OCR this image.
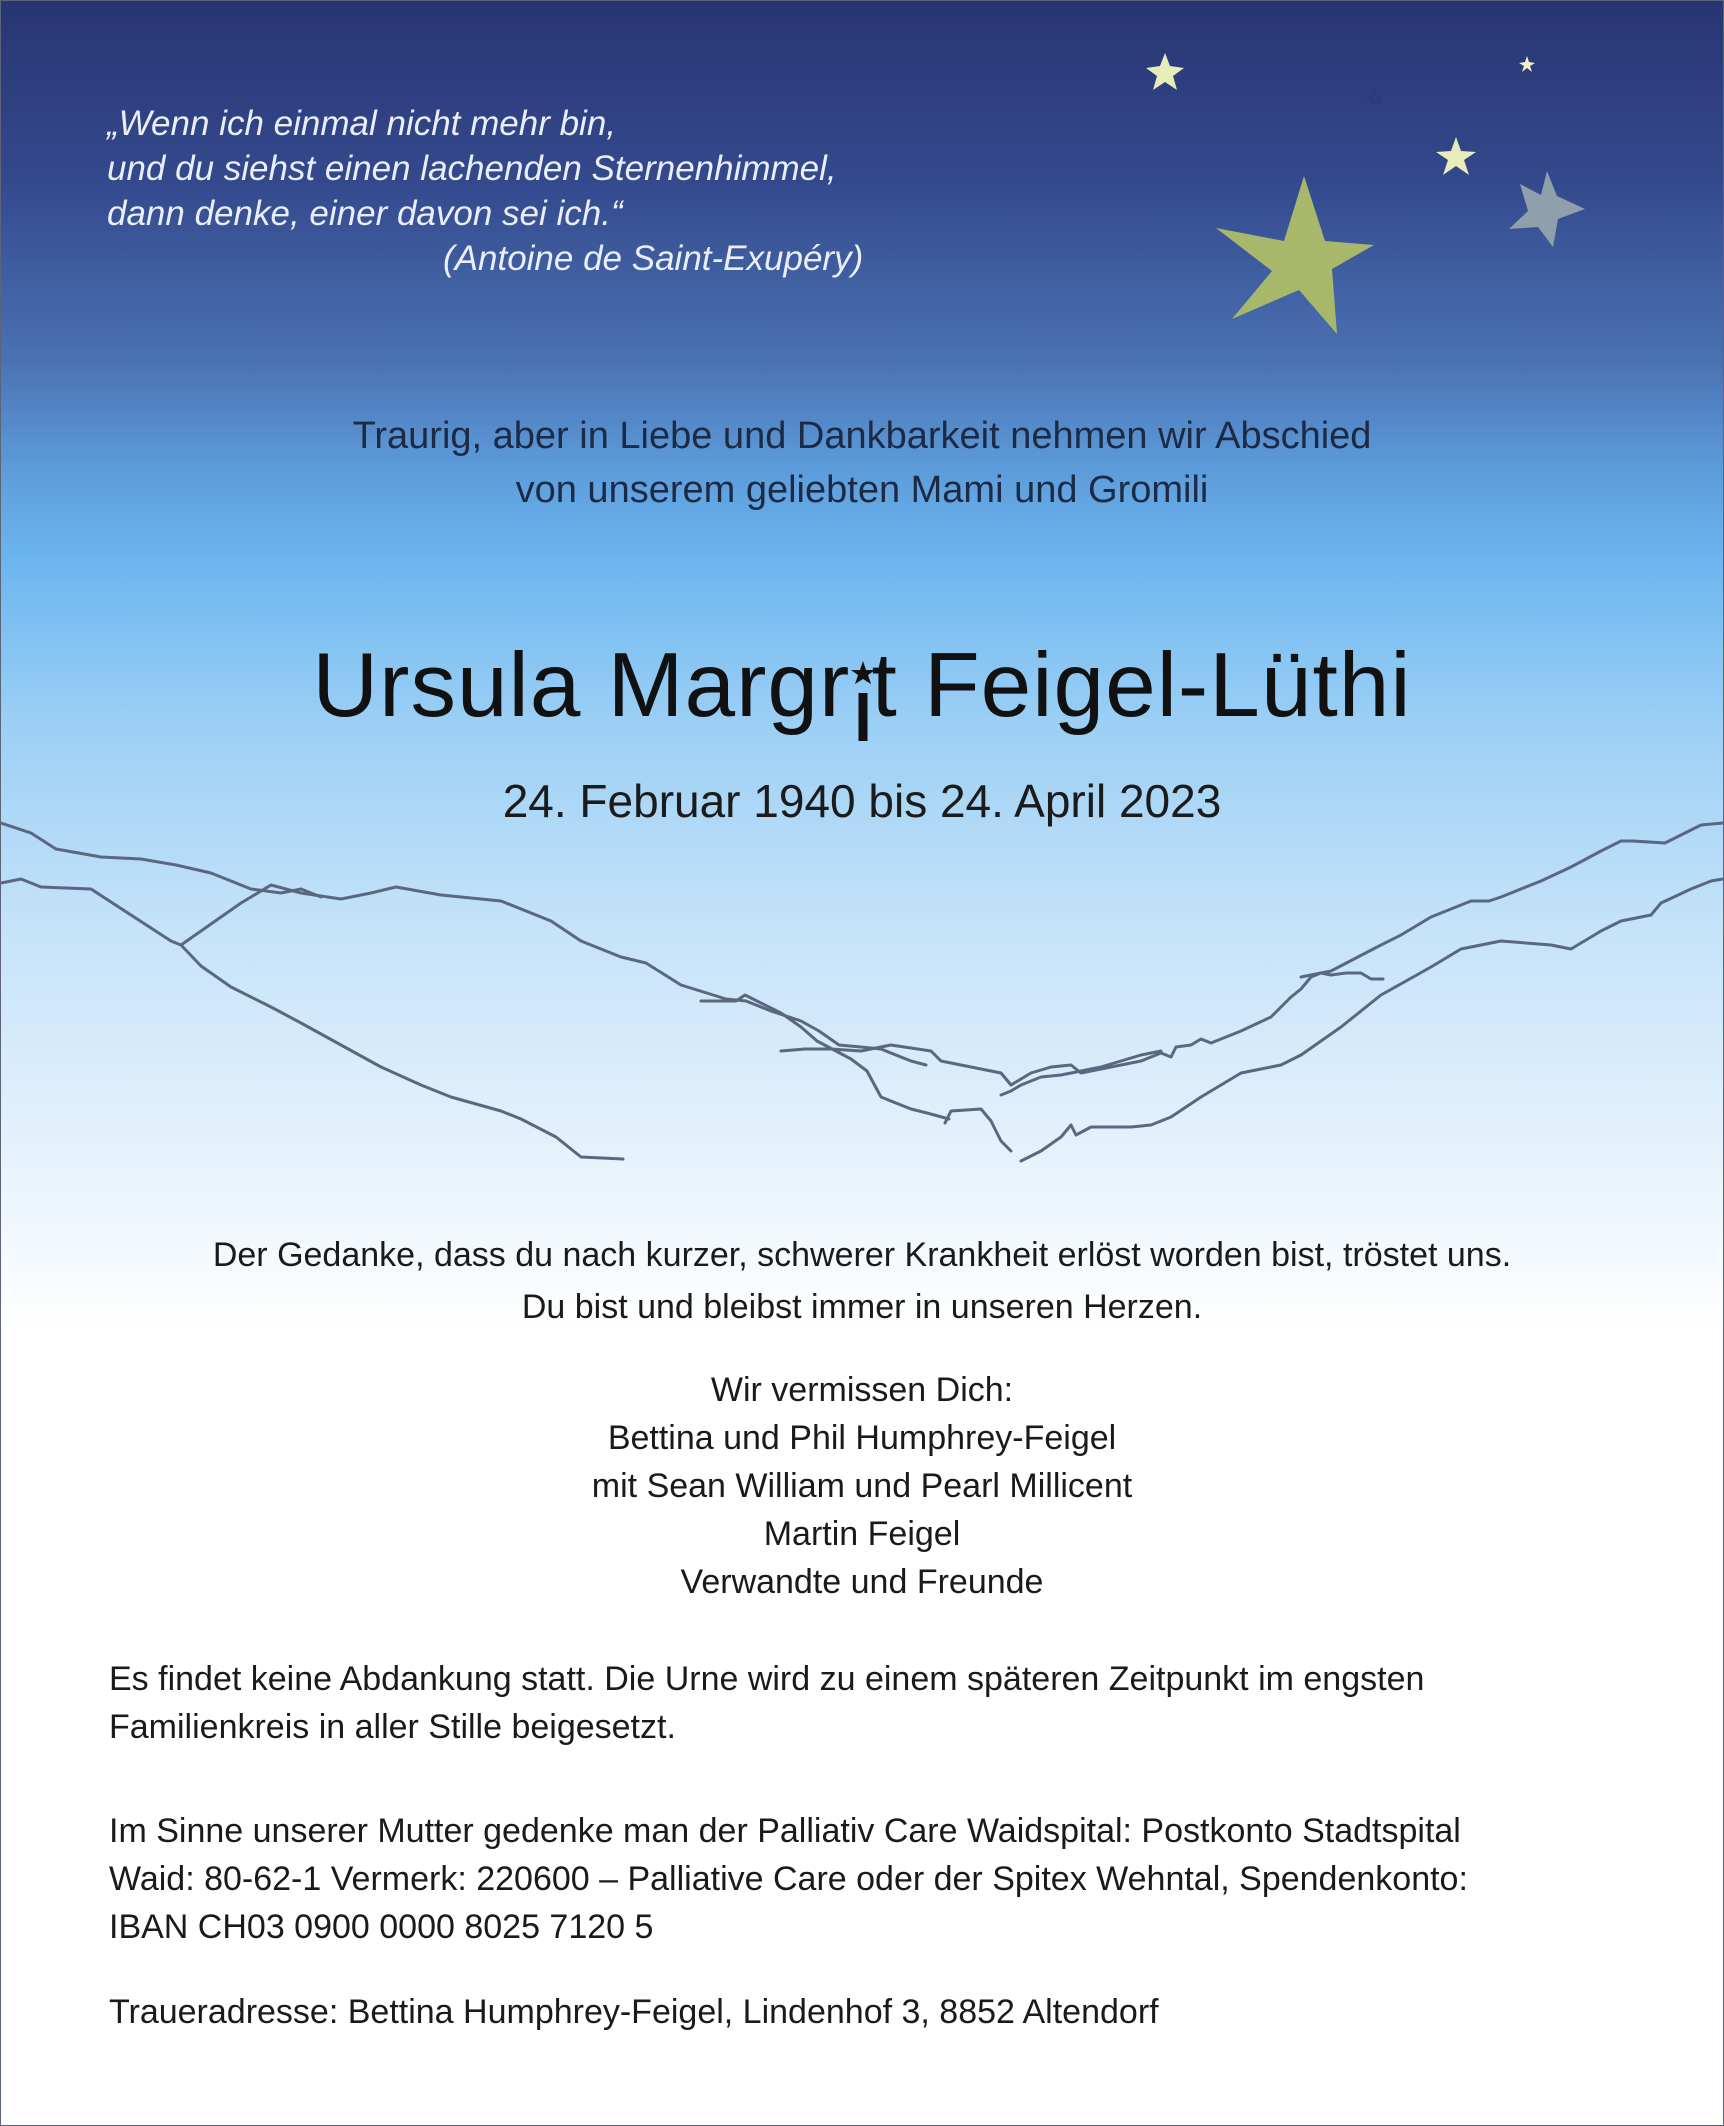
„Wenn ich einmal nicht mehr bin,
und du siehst einen lachenden Sternenhimmel,
dann denke, einer davon sei ich.“
(Antoine de Saint-Exupéry)

Traurig, aber in Liebe und Dankbarkeit nehmen wir Abschied
von unserem geliebten Mami und Gromili
Ursula Margr t Feigel-Lüthi
24. Februar 1940 bis 24. April 2023
Der Gedanke, dass du nach kurzer, schwerer Krankheit erlöst worden bist, tröstet uns.
Du bist und bleibst immer in unseren Herzen.
Wir vermissen Dich:
Bettina und Phil Humphrey-Feigel
mit Sean William und Pearl Millicent
Martin Feigel
Verwandte und Freunde

Es findet keine Abdankung statt. Die Urne wird zu einem späteren Zeitpunkt im engsten
Familienkreis in aller Stille beigesetzt.

Im Sinne unserer Mutter gedenke man der Palliativ Care Waidspital: Postkonto Stadtspital
Waid: 80-62-1 Vermerk: 220600 – Palliative Care oder der Spitex Wehntal, Spendenkonto:
IBAN CH03 0900 0000 8025 7120 5

Traueradresse: Bettina Humphrey-Feigel, Lindenhof 3, 8852 Altendorf
